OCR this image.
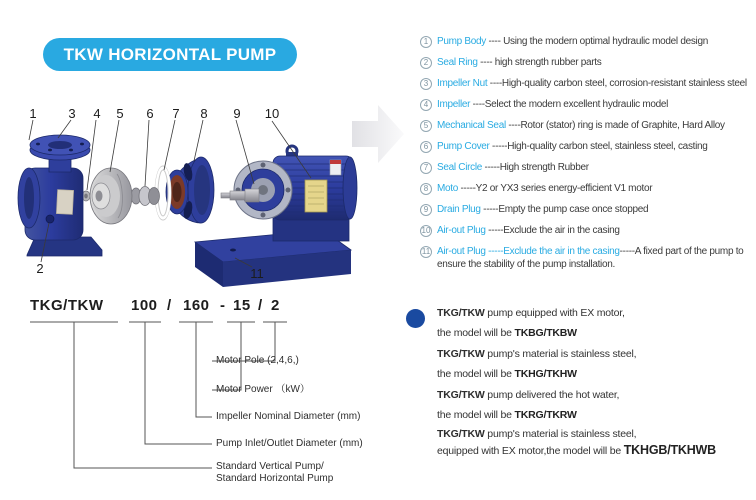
TKW HORIZONTAL PUMP
1 3 4 5 6 7 8 9 10
2	11
1 Pump Body ---- Using the modern optimal hydraulic model design
2 Seal Ring ---- high strength rubber parts
3 Impeller Nut ----High-quality carbon steel, corrosion-resistant stainless steel
4 Impeller ----Select the modern excellent hydraulic model
5 Mechanical Seal ----Rotor (stator) ring is made of Graphite, Hard Alloy
6 Pump Cover -----High-quality carbon steel, stainless steel, casting
7 Seal Circle -----High strength Rubber
8 Moto -----Y2 or YX3 series energy-efficient V1 motor
9 Drain Plug -----Empty the pump case once stopped
10 Air-out Plug -----Exclude the air in the casing
11 Air-out Plug -----Exclude the air in the casing-----A fixed part of the pump to ensure the stability of the pump installation.
TKG/TKW 100 / 160 - 15 / 2
Motor Pole (2,4,6,)
Motor Power （kW）
Impeller Nominal Diameter (mm)
Pump Inlet/Outlet Diameter (mm)
Standard Vertical Pump/
Standard Horizontal Pump
TKG/TKW pump equipped with EX motor,
the model will be TKBG/TKBW
TKG/TKW pump's material is stainless steel,
the model will be TKHG/TKHW
TKG/TKW pump delivered the hot water,
the model will be TKRG/TKRW
TKG/TKW pump's material is stainless steel,
equipped with EX motor,the model will be TKHGB/TKHWB
